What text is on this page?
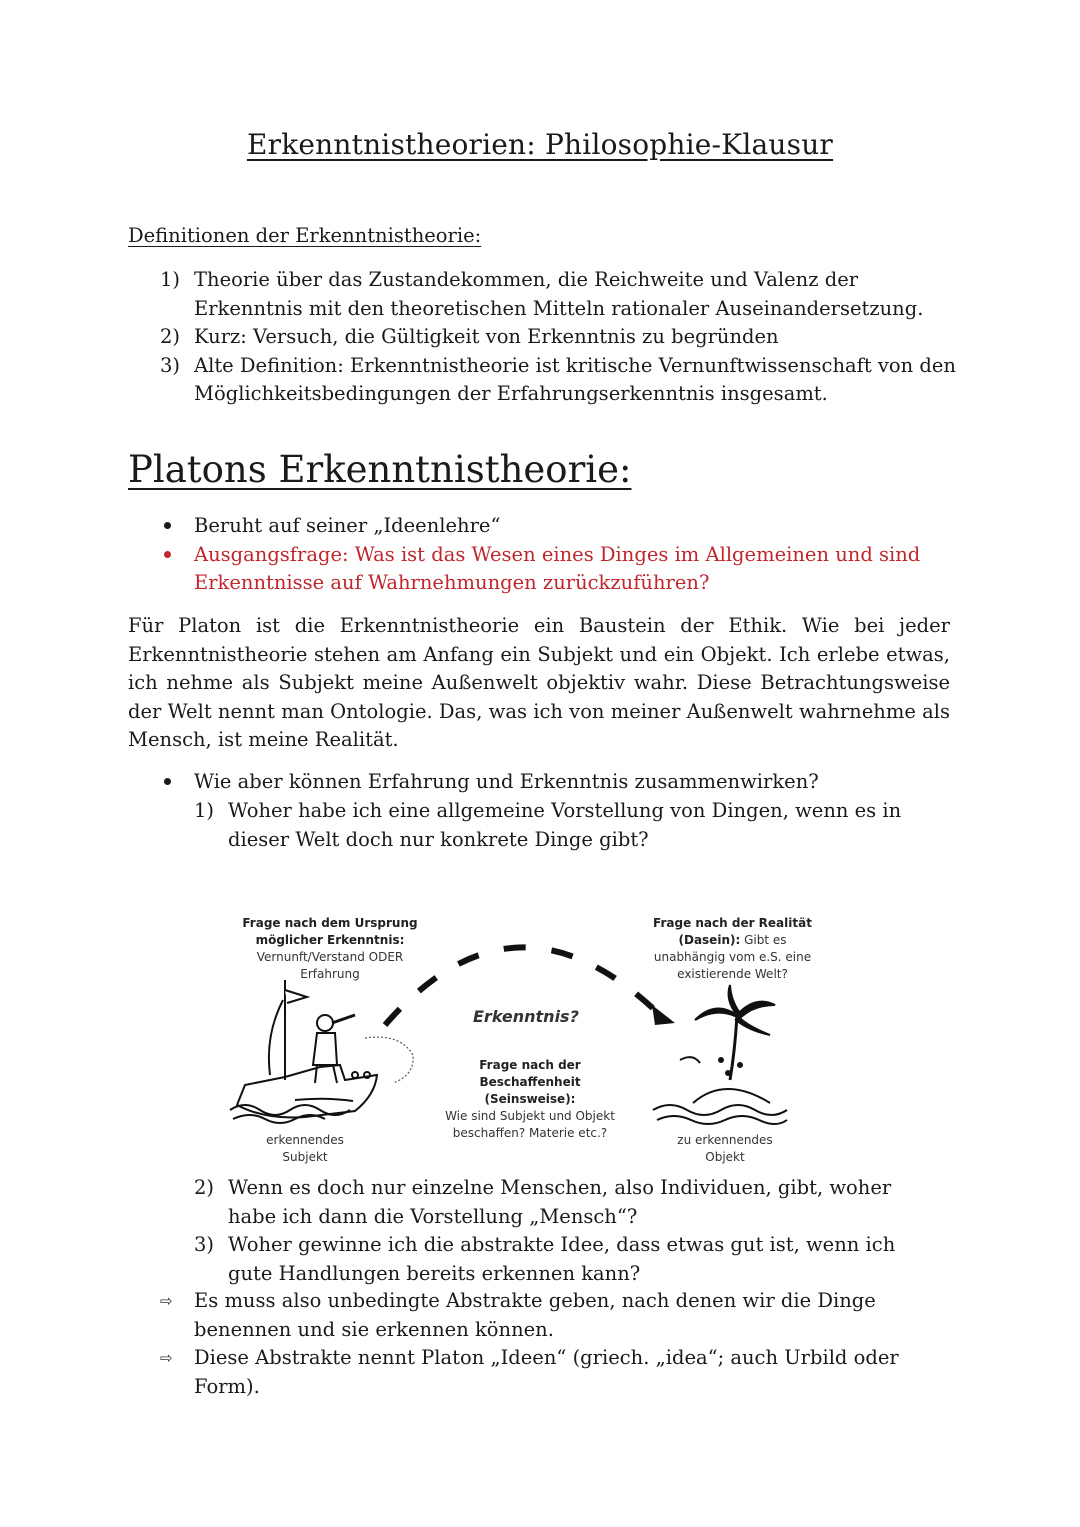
Erkenntnistheorien: Philosophie-Klausur
Definitionen der Erkenntnistheorie:
1) Theorie über das Zustandekommen, die Reichweite und Valenz der Erkenntnis mit den theoretischen Mitteln rationaler Auseinandersetzung.
2) Kurz: Versuch, die Gültigkeit von Erkenntnis zu begründen
3) Alte Definition: Erkenntnistheorie ist kritische Vernunftwissenschaft von den Möglichkeitsbedingungen der Erfahrungserkenntnis insgesamt.
Platons Erkenntnistheorie:
Beruht auf seiner „Ideenlehre“
Ausgangsfrage: Was ist das Wesen eines Dinges im Allgemeinen und sind Erkenntnisse auf Wahrnehmungen zurückzuführen?

Für Platon ist die Erkenntnistheorie ein Baustein der Ethik. Wie bei jeder Erkenntnistheorie stehen am Anfang ein Subjekt und ein Objekt. Ich erlebe etwas, ich nehme als Subjekt meine Außenwelt objektiv wahr. Diese Betrachtungsweise der Welt nennt man Ontologie. Das, was ich von meiner Außenwelt wahrnehme als Mensch, ist meine Realität.

Wie aber können Erfahrung und Erkenntnis zusammenwirken?
1) Woher habe ich eine allgemeine Vorstellung von Dingen, wenn es in dieser Welt doch nur konkrete Dinge gibt?
Frage nach dem Ursprung
möglicher Erkenntnis:
Vernunft/Verstand ODER
Erfahrung
Frage nach der Realität
(Dasein): Gibt es
unabhängig vom e.S. eine
existierende Welt?
Erkenntnis?
Frage nach der
Beschaffenheit (Seinsweise):
Wie sind Subjekt und Objekt
beschaffen? Materie etc.?
erkennendes
Subjekt
zu erkennendes
Objekt
2) Wenn es doch nur einzelne Menschen, also Individuen, gibt, woher habe ich dann die Vorstellung „Mensch“?
3) Woher gewinne ich die abstrakte Idee, dass etwas gut ist, wenn ich gute Handlungen bereits erkennen kann?
⇨ Es muss also unbedingte Abstrakte geben, nach denen wir die Dinge benennen und sie erkennen können.
⇨ Diese Abstrakte nennt Platon „Ideen“ (griech. „idea“; auch Urbild oder Form).
